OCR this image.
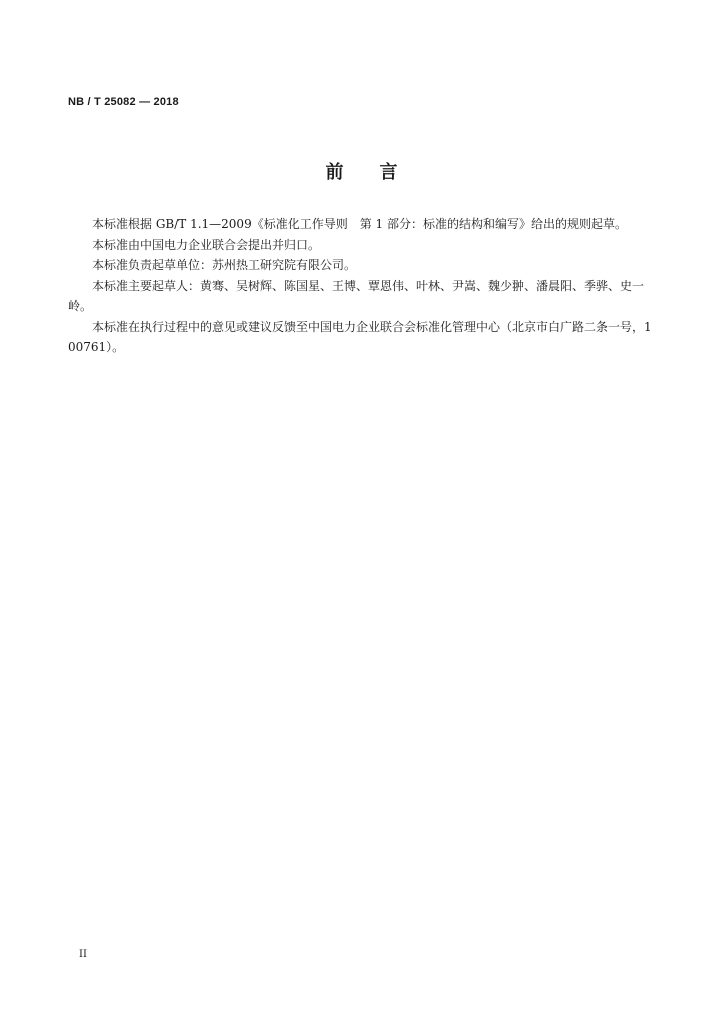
NB / T 25082 — 2018
前 言

本标准根据 GB/T 1.1—2009《标准化工作导则　第 1 部分：标准的结构和编写》给出的规则起草。

本标准由中国电力企业联合会提出并归口。

本标准负责起草单位：苏州热工研究院有限公司。

本标准主要起草人：黄骞、吴树辉、陈国星、王博、覃恩伟、叶林、尹嵩、魏少翀、潘晨阳、季骅、史一岭。

本标准在执行过程中的意见或建议反馈至中国电力企业联合会标准化管理中心（北京市白广路二条一号，100761）。

II
